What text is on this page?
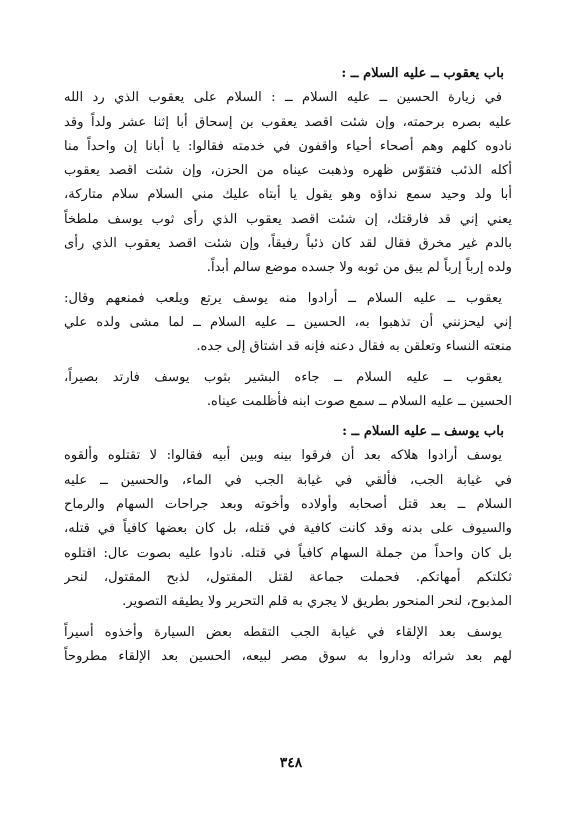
باب يعقوب ــ عليه السلام ــ :
في زيارة الحسين ــ عليه السلام ــ : السلام على يعقوب الذي رد الله
عليه بصره برحمته، وإن شئت اقصد يعقوب بن إسحاق أبا إثنا عشر ولداً وقد
نادوه كلهم وهم أصحاء أحياء واقفون في خدمته فقالوا: يا أبانا إن واحداً منا
أكله الذئب فتقوّس ظهره وذهبت عيناه من الحزن، وإن شئت اقصد يعقوب
أبا ولد وحيد سمع نداؤه وهو يقول يا أبتاه عليك مني السلام سلام متاركة،
يعني إني قد فارقتك، إن شئت اقصد يعقوب الذي رأى ثوب يوسف ملطخاً
بالدم غير مخرق فقال لقد كان ذئباً رفيقاً، وإن شئت اقصد يعقوب الذي رأى
ولده إرباً إرباً لم يبق من ثوبه ولا جسده موضع سالم أبداً.
يعقوب ــ عليه السلام ــ أرادوا منه يوسف يرتع ويلعب فمنعهم وقال:
إني ليحزنني أن تذهبوا به، الحسين ــ عليه السلام ــ لما مشى ولده علي
منعته النساء وتعلقن به فقال دعنه فإنه قد اشتاق إلى جده.
يعقوب ــ عليه السلام ــ جاءه البشير بثوب يوسف فارتد بصيراً،
الحسين ــ عليه السلام ــ سمع صوت ابنه فأظلمت عيناه.
باب يوسف ــ عليه السلام ــ :
يوسف أرادوا هلاكه بعد أن فرقوا بينه وبين أبيه فقالوا: لا تقتلوه وألقوه
في غيابة الجب، فألقي في غيابة الجب في الماء، والحسين ــ عليه
السلام ــ بعد قتل أصحابه وأولاده وأخوته وبعد جراحات السهام والرماح
والسيوف على بدنه وقد كانت كافية في قتله، بل كان بعضها كافياً في قتله،
بل كان واحداً من جملة السهام كافياً في قتله. نادوا عليه بصوت عال: اقتلوه
ثكلتكم أمهاتكم. فحملت جماعة لقتل المقتول، لذبح المقتول، لنحر
المذبوح، لنحر المنحور بطريق لا يجري به قلم التحرير ولا يطيقه التصوير.
يوسف بعد الإلقاء في غيابة الجب التقطه بعض السيارة وأخذوه أسيراً
لهم بعد شرائه وداروا به سوق مصر لبيعه، الحسين بعد الإلقاء مطروحاً
٣٤٨
